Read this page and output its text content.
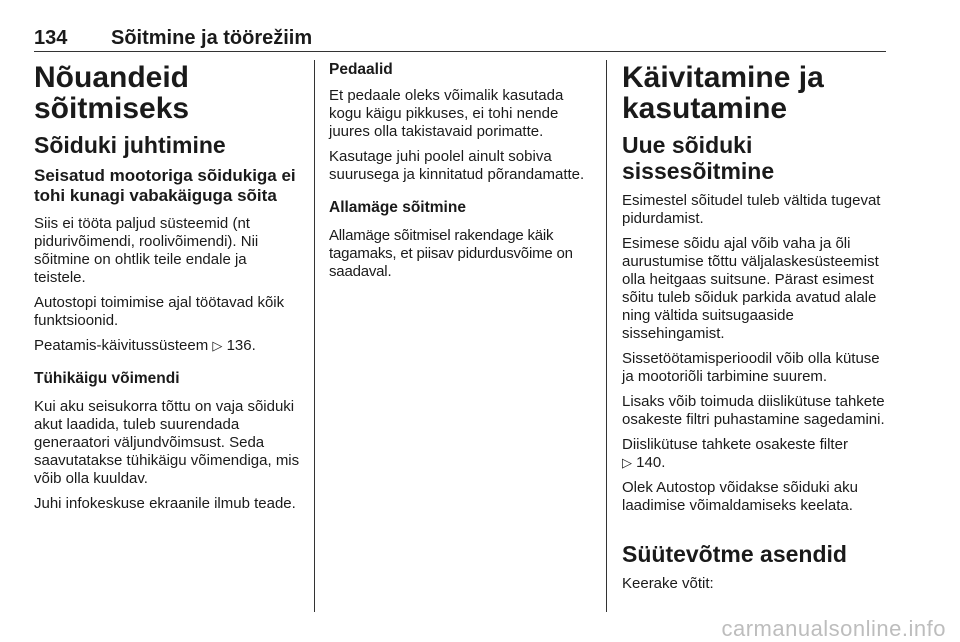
134 Sõitmine ja töörežiim
Nõuandeid sõitmiseks
Sõiduki juhtimine
Seisatud mootoriga sõidukiga ei tohi kunagi vabakäiguga sõita

Siis ei tööta paljud süsteemid (nt pidurivõimendi, roolivõimendi). Nii sõitmine on ohtlik teile endale ja teistele.

Autostopi toimimise ajal töötavad kõik funktsioonid.

Peatamis-käivitussüsteem ▷ 136.

Tühikäigu võimendi

Kui aku seisukorra tõttu on vaja sõiduki akut laadida, tuleb suurendada generaatori väljundvõimsust. Seda saavutatakse tühikäigu võimendiga, mis võib olla kuuldav.

Juhi infokeskuse ekraanile ilmub teade.

Pedaalid

Et pedaale oleks võimalik kasutada kogu käigu pikkuses, ei tohi nende juures olla takistavaid porimatte.

Kasutage juhi poolel ainult sobiva suurusega ja kinnitatud põrandamatte.

Allamäge sõitmine

Allamäge sõitmisel rakendage käik tagamaks, et piisav pidurdusvõime on saadaval.

Käivitamine ja kasutamine
Uue sõiduki sissesõitmine

Esimestel sõitudel tuleb vältida tugevat pidurdamist.

Esimese sõidu ajal võib vaha ja õli aurustumise tõttu väljalaskesüsteemist olla heitgaas suitsune. Pärast esimest sõitu tuleb sõiduk parkida avatud alale ning vältida suitsugaaside sissehingamist.

Sissetöötamisperioodil võib olla kütuse ja mootoriõli tarbimine suurem.

Lisaks võib toimuda diislikütuse tahkete osakeste filtri puhastamine sagedamini.

Diislikütuse tahkete osakeste filter
▷ 140.

Olek Autostop võidakse sõiduki aku laadimise võimaldamiseks keelata.

Süütevõtme asendid

Keerake võtit:

carmanualsonline.info
